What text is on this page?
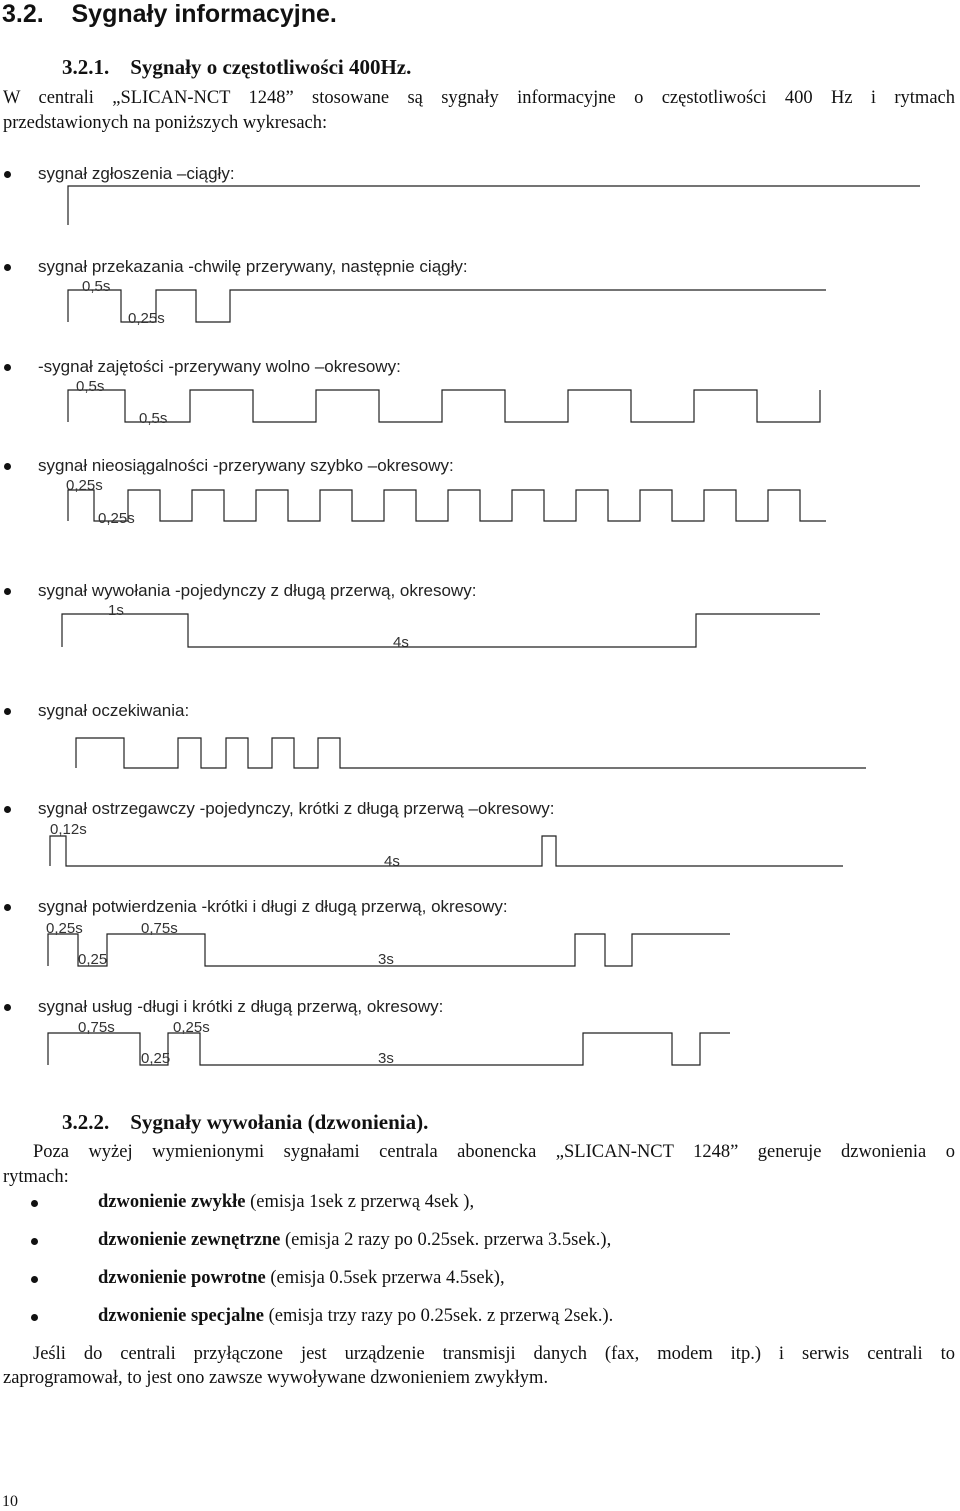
3.2. Sygnały informacyjne.
3.2.1. Sygnały o częstotliwości 400Hz.
W centrali „SLICAN-NCT 1248” stosowane są sygnały informacyjne o częstotliwości 400 Hz i rytmach
przedstawionych na poniższych wykresach:
sygnał zgłoszenia –ciągły:
sygnał przekazania -chwilę przerywany, następnie ciągły:
-sygnał zajętości -przerywany wolno –okresowy:
sygnał nieosiągalności -przerywany szybko –okresowy:
sygnał wywołania -pojedynczy z długą przerwą, okresowy:
sygnał oczekiwania:
sygnał ostrzegawczy -pojedynczy, krótki z długą przerwą –okresowy:
sygnał potwierdzenia -krótki i długi z długą przerwą, okresowy:
sygnał usług -długi i krótki z długą przerwą, okresowy:
0,5s
0,25s
0,5s
0,5s
0,25s
0,25s
1s
4s
0,12s
4s
0,25s	0,75s
0,25	3s
0,75s	0,25s
0,25	3s
3.2.2. Sygnały wywołania (dzwonienia).
Poza wyżej wymienionymi sygnałami centrala abonencka „SLICAN-NCT 1248” generuje dzwonienia o
rytmach:
dzwonienie zwykłe (emisja 1sek z przerwą 4sek ),
dzwonienie zewnętrzne (emisja 2 razy po 0.25sek. przerwa 3.5sek.),
dzwonienie powrotne (emisja 0.5sek przerwa 4.5sek),
dzwonienie specjalne (emisja trzy razy po 0.25sek. z przerwą 2sek.).
Jeśli do centrali przyłączone jest urządzenie transmisji danych (fax, modem itp.) i serwis centrali to
zaprogramował, to jest ono zawsze wywoływane dzwonieniem zwykłym.
10
